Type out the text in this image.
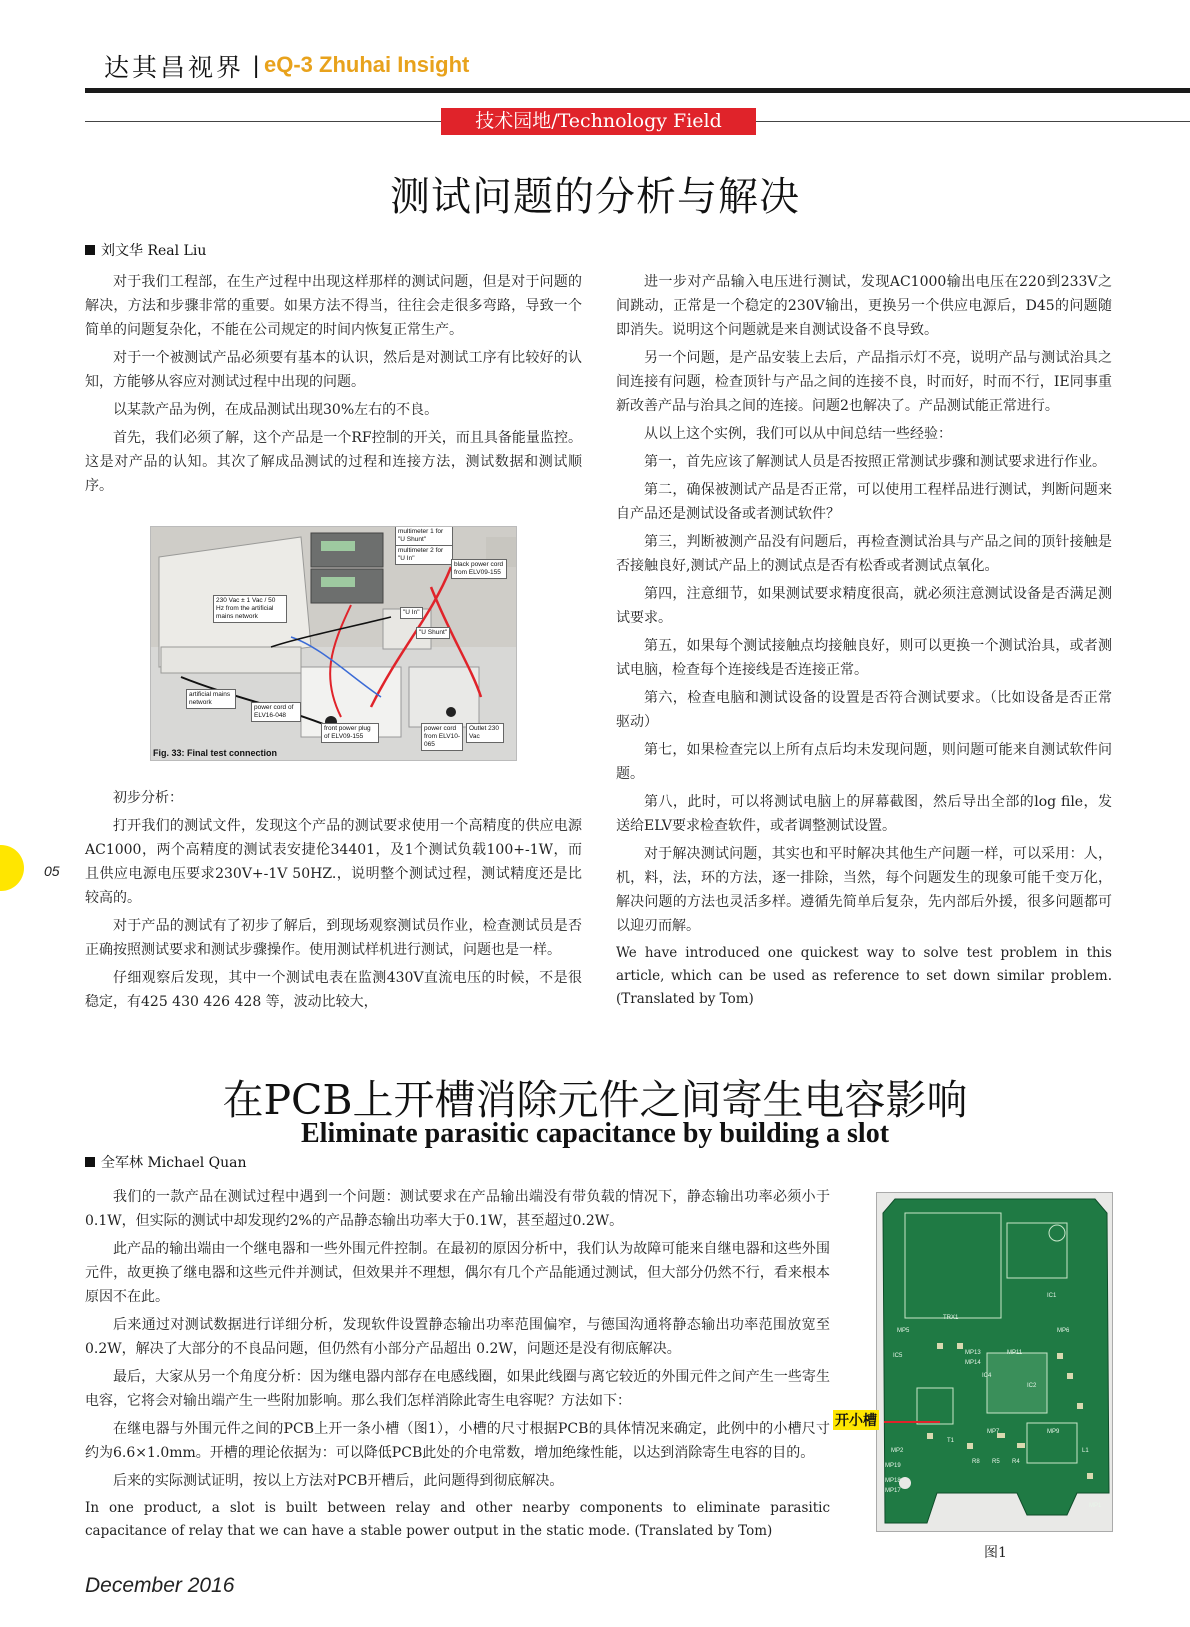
达其昌视界 | eQ-3 Zhuhai Insight
技术园地/Technology Field
测试问题的分析与解决
刘文华 Real Liu

对于我们工程部，在生产过程中出现这样那样的测试问题，但是对于问题的解决，方法和步骤非常的重要。如果方法不得当，往往会走很多弯路，导致一个简单的问题复杂化，不能在公司规定的时间内恢复正常生产。

对于一个被测试产品必须要有基本的认识，然后是对测试工序有比较好的认知，方能够从容应对测试过程中出现的问题。

以某款产品为例，在成品测试出现30%左右的不良。

首先，我们必须了解，这个产品是一个RF控制的开关，而且具备能量监控。这是对产品的认知。其次了解成品测试的过程和连接方法，测试数据和测试顺序。

multimeter 1 for "U Shunt"
multimeter 2 for "U In"
black power cord from ELV09-155
230 Vac ± 1 Vac / 50 Hz from the artificial mains network
"U In"
"U Shunt"
artificial mains network
power cord of ELV16-048
front power plug of ELV09-155
power cord from ELV10-065
Outlet 230 Vac
Fig. 33: Final test connection

初步分析：

打开我们的测试文件，发现这个产品的测试要求使用一个高精度的供应电源AC1000，两个高精度的测试表安捷伦34401，及1个测试负载100+-1W，而且供应电源电压要求230V+-1V 50HZ.，说明整个测试过程，测试精度还是比较高的。

对于产品的测试有了初步了解后，到现场观察测试员作业，检查测试员是否正确按照测试要求和测试步骤操作。使用测试样机进行测试，问题也是一样。

仔细观察后发现，其中一个测试电表在监测430V直流电压的时候，不是很稳定，有425 430 426 428 等，波动比较大，

进一步对产品输入电压进行测试，发现AC1000输出电压在220到233V之间跳动，正常是一个稳定的230V输出，更换另一个供应电源后，D45的问题随即消失。说明这个问题就是来自测试设备不良导致。

另一个问题，是产品安装上去后，产品指示灯不亮，说明产品与测试治具之间连接有问题，检查顶针与产品之间的连接不良，时而好，时而不行，IE同事重新改善产品与治具之间的连接。问题2也解决了。产品测试能正常进行。

从以上这个实例，我们可以从中间总结一些经验：

第一，首先应该了解测试人员是否按照正常测试步骤和测试要求进行作业。

第二，确保被测试产品是否正常，可以使用工程样品进行测试，判断问题来自产品还是测试设备或者测试软件？

第三，判断被测产品没有问题后，再检查测试治具与产品之间的顶针接触是否接触良好,测试产品上的测试点是否有松香或者测试点氧化。

第四，注意细节，如果测试要求精度很高，就必须注意测试设备是否满足测试要求。

第五，如果每个测试接触点均接触良好，则可以更换一个测试治具，或者测试电脑，检查每个连接线是否连接正常。

第六，检查电脑和测试设备的设置是否符合测试要求。（比如设备是否正常驱动）

第七，如果检查完以上所有点后均未发现问题，则问题可能来自测试软件问题。

第八，此时，可以将测试电脑上的屏幕截图，然后导出全部的log file，发送给ELV要求检查软件，或者调整测试设置。

对于解决测试问题，其实也和平时解决其他生产问题一样，可以采用：人，机，料，法，环的方法，逐一排除，当然，每个问题发生的现象可能千变万化，解决问题的方法也灵活多样。遵循先简单后复杂，先内部后外援，很多问题都可以迎刃而解。

We have introduced one quickest way to solve test problem in this article, which can be used as reference to set down similar problem. (Translated by Tom)

05
在PCB上开槽消除元件之间寄生电容影响
Eliminate parasitic capacitance by building a slot
全军林 Michael Quan

我们的一款产品在测试过程中遇到一个问题：测试要求在产品输出端没有带负载的情况下，静态输出功率必须小于0.1W，但实际的测试中却发现约2%的产品静态输出功率大于0.1W，甚至超过0.2W。

此产品的输出端由一个继电器和一些外围元件控制。在最初的原因分析中，我们认为故障可能来自继电器和这些外围元件，故更换了继电器和这些元件并测试，但效果并不理想，偶尔有几个产品能通过测试，但大部分仍然不行，看来根本原因不在此。

后来通过对测试数据进行详细分析，发现软件设置静态输出功率范围偏窄，与德国沟通将静态输出功率范围放宽至 0.2W，解决了大部分的不良品问题，但仍然有小部分产品超出 0.2W，问题还是没有彻底解决。

最后，大家从另一个角度分析：因为继电器内部存在电感线圈，如果此线圈与离它较近的外围元件之间产生一些寄生电容，它将会对输出端产生一些附加影响。那么我们怎样消除此寄生电容呢？方法如下：

在继电器与外围元件之间的PCB上开一条小槽（图1），小槽的尺寸根据PCB的具体情况来确定，此例中的小槽尺寸约为6.6×1.0mm。开槽的理论依据为：可以降低PCB此处的介电常数，增加绝缘性能，以达到消除寄生电容的目的。

后来的实际测试证明，按以上方法对PCB开槽后，此问题得到彻底解决。

In one product, a slot is built between relay and other nearby components to eliminate parasitic capacitance of relay that we can have a stable power output in the static mode. (Translated by Tom)

TRX1
IC1
MP5	MP6
IC5	MP13
MP14
MP11
IC4
IC2
MP2
MP7	MP9
R8 R5 R4
MP18
MP17
MP1
T1
L1
MP19
开小槽
图1
December 2016
